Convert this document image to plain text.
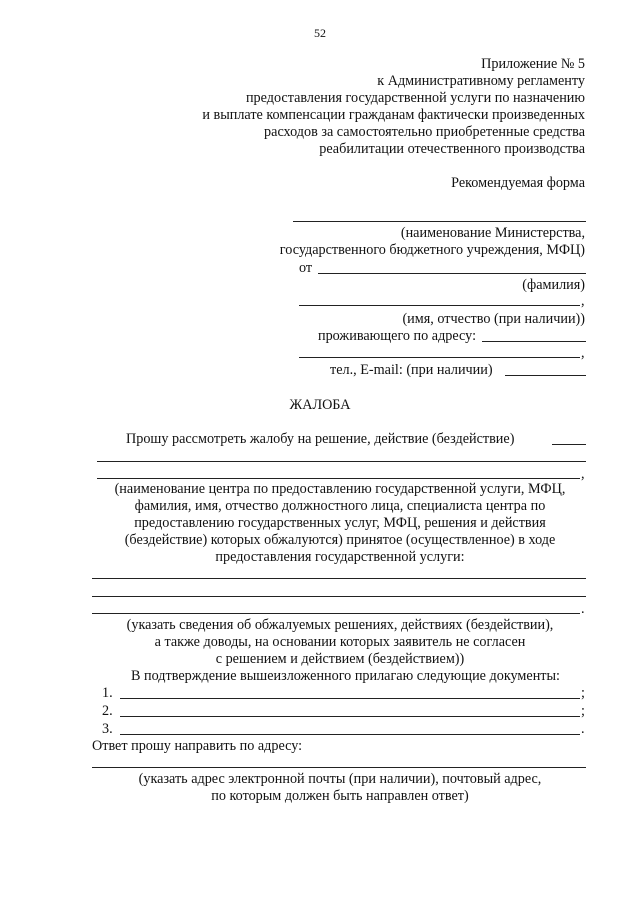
52
Приложение № 5
к Административному регламенту
предоставления государственной услуги по назначению
и выплате компенсации гражданам фактически произведенных
расходов за самостоятельно приобретенные средства
реабилитации отечественного производства
Рекомендуемая форма
(наименование Министерства,
государственного бюджетного учреждения, МФЦ)
от
(фамилия)
,
(имя, отчество (при наличии))
проживающего по адресу:
,
тел., E-mail: (при наличии)
ЖАЛОБА
Прошу рассмотреть жалобу на решение, действие (бездействие)
,
(наименование центра по предоставлению государственной услуги, МФЦ,
фамилия, имя, отчество должностного лица, специалиста центра по
предоставлению государственных услуг, МФЦ, решения и действия
(бездействие) которых обжалуются) принятое (осуществленное) в ходе
предоставления государственной услуги:
.
(указать сведения об обжалуемых решениях, действиях (бездействии),
а также доводы, на основании которых заявитель не согласен
с решением и действием (бездействием))
В подтверждение вышеизложенного прилагаю следующие документы:
1.	;
2.	;
3.	.
Ответ прошу направить по адресу:
(указать адрес электронной почты (при наличии), почтовый адрес,
по которым должен быть направлен ответ)
